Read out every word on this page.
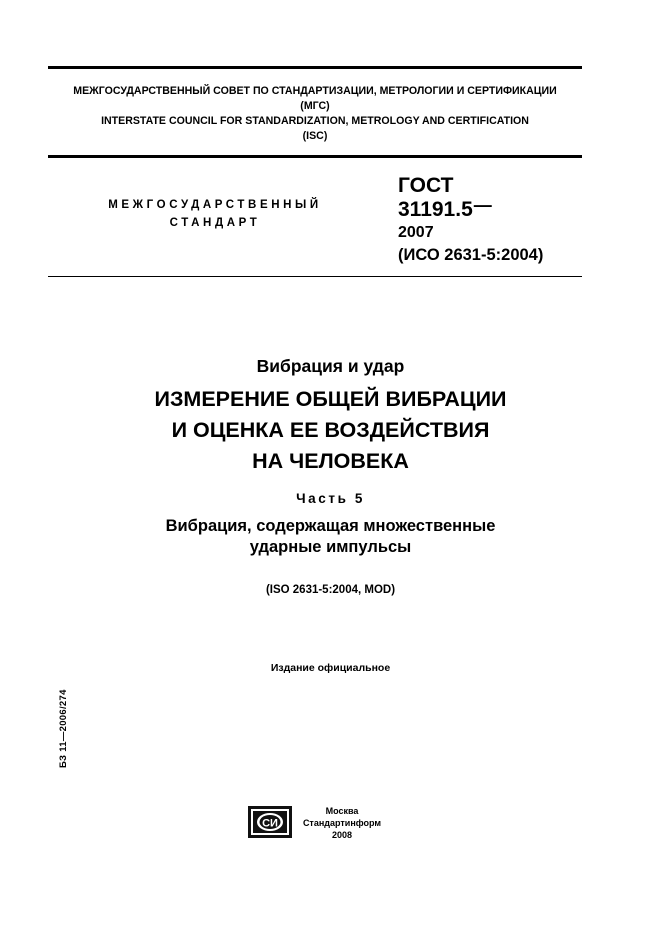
МЕЖГОСУДАРСТВЕННЫЙ СОВЕТ ПО СТАНДАРТИЗАЦИИ, МЕТРОЛОГИИ И СЕРТИФИКАЦИИ
(МГС)
INTERSTATE COUNCIL FOR STANDARDIZATION, METROLOGY AND CERTIFICATION
(ISC)
МЕЖГОСУДАРСТВЕННЫЙ
СТАНДАРТ
ГОСТ
31191.5—
2007
(ИСО 2631-5:2004)
Вибрация и удар
ИЗМЕРЕНИЕ ОБЩЕЙ ВИБРАЦИИ
И ОЦЕНКА ЕЕ ВОЗДЕЙСТВИЯ
НА ЧЕЛОВЕКА
Часть 5
Вибрация, содержащая множественные
ударные импульсы
(ISO 2631-5:2004, MOD)
Издание официальное
БЗ 11—2006/274
СИ
Москва
Стандартинформ
2008
